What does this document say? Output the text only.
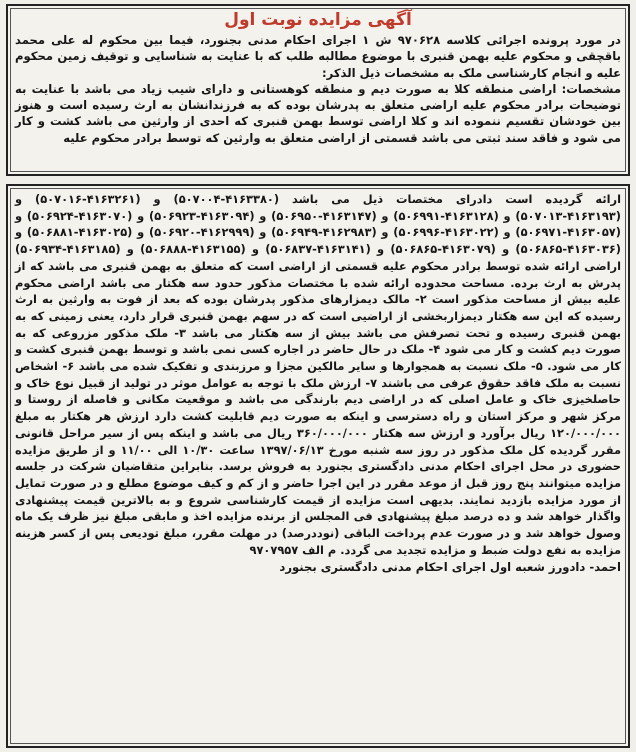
آگهی مزایده نوبت اول

در مورد پرونده اجرائی کلاسه ۹۷۰۶۲۸ ش ۱ اجرای احکام مدنی بجنورد، فیما بین محکوم له علی محمد باقچقی و محکوم علیه بهمن قنبری با موضوع مطالبه طلب که با عنایت به شناسایی و توقیف زمین محکوم علیه و انجام کارشناسی ملک به مشخصات ذیل الذکر:

مشخصات: اراضی منطقه کلا به صورت دیم و منطقه کوهستانی و دارای شیب زیاد می باشد با عنایت به توضیحات برادر محکوم علیه اراضی متعلق به پدرشان بوده که به فرزندانشان به ارث رسیده است و هنوز بین خودشان تقسیم ننموده اند و کلا اراضی توسط بهمن قنبری که احدی از وارثین می باشد کشت و کار می شود و فاقد سند ثبتی می باشد قسمتی از اراضی متعلق به وارثین که توسط برادر محکوم علیه

ارائه گردیده است دادرای مختصات ذیل می باشد (۴۱۶۳۳۸۰-۵۰۷۰۰۴) و (۴۱۶۳۲۶۱-۵۰۷۰۱۶) و (۴۱۶۳۱۹۳-۵۰۷۰۱۳) و (۴۱۶۳۱۲۸-۵۰۶۹۹۱) و (۴۱۶۳۱۴۷-۵۰۶۹۵۰) و (۴۱۶۳۰۹۴-۵۰۶۹۲۳) و (۴۱۶۳۰۷۰-۵۰۶۹۲۴) و (۴۱۶۳۰۵۷-۵۰۶۹۷۱) و (۴۱۶۳۰۲۲-۵۰۶۹۹۶) و (۴۱۶۲۹۸۳-۵۰۶۹۴۹) و (۴۱۶۲۹۹۹-۵۰۶۹۲۰) و (۴۱۶۳۰۲۵-۵۰۶۸۸۱) و (۴۱۶۳۰۳۶-۵۰۶۸۶۵) و (۴۱۶۳۰۷۹-۵۰۶۸۶۵) و (۴۱۶۳۱۴۱-۵۰۶۸۳۷) و (۴۱۶۳۱۵۵-۵۰۶۸۸۸) و (۴۱۶۳۱۸۵-۵۰۶۹۳۴) اراضی ارائه شده توسط برادر محکوم علیه قسمتی از اراضی است که متعلق به بهمن قنبری می باشد که از پدرش به ارث برده. مساحت محدوده ارائه شده با مختصات مذکور حدود سه هکتار می باشد اراضی محکوم علیه بیش از مساحت مذکور است ۲- مالک دیمزارهای مذکور پدرشان بوده که بعد از فوت به وارثین به ارث رسیده که این سه هکتار دیمزاربخشی از اراضیی است که در سهم بهمن قنبری قرار دارد، یعنی زمینی که به بهمن قنبری رسیده و تحت تصرفش می باشد بیش از سه هکتار می باشد ۳- ملک مذکور مزروعی که به صورت دیم کشت و کار می شود ۴- ملک در حال حاضر در اجاره کسی نمی باشد و توسط بهمن قنبری کشت و کار می شود. ۵- ملک نسبت به همجوارها و سایر مالکین مجزا و مرزبندی و تفکیک شده می باشد ۶- اشخاص نسبت به ملک فاقد حقوق عرفی می باشند ۷- ارزش ملک با توجه به عوامل موثر در تولید از قبیل نوع خاک و حاصلخیزی خاک و عامل اصلی که در اراضی دیم بارندگی می باشد و موقعیت مکانی و فاصله از روستا و مرکز شهر و مرکز استان و راه دسترسی و اینکه به صورت دیم قابلیت کشت دارد ارزش هر هکتار به مبلغ ۱۲۰/۰۰۰/۰۰۰ ریال برآورد و ارزش سه هکتار ۳۶۰/۰۰۰/۰۰۰ ریال می باشد و اینکه پس از سیر مراحل قانونی مقرر گردیده کل ملک مذکور در روز سه شنبه مورخ ۱۳۹۷/۰۶/۱۳ ساعت ۱۰/۳۰ الی ۱۱/۰۰ و از طریق مزایده حضوری در محل اجرای احکام مدنی دادگستری بجنورد به فروش برسد. بنابراین متقاضیان شرکت در جلسه مزایده میتوانند پنج روز قبل از موعد مقرر در این اجرا حاضر و از کم و کیف موضوع مطلع و در صورت تمایل از مورد مزایده بازدید نمایند. بدیهی است مزایده از قیمت کارشناسی شروع و به بالاترین قیمت پیشنهادی واگذار خواهد شد و ده درصد مبلغ پیشنهادی فی المجلس از برنده مزایده اخذ و مابقی مبلغ نیز ظرف یک ماه وصول خواهد شد و در صورت عدم پرداخت الباقی (نوددرصد) در مهلت مقرر، مبلغ تودیعی پس از کسر هزینه مزایده به نفع دولت ضبط و مزایده تجدید می گردد. م الف ۹۷۰۷۹۵۷

احمد- دادورز شعبه اول اجرای احکام مدنی دادگستری بجنورد
